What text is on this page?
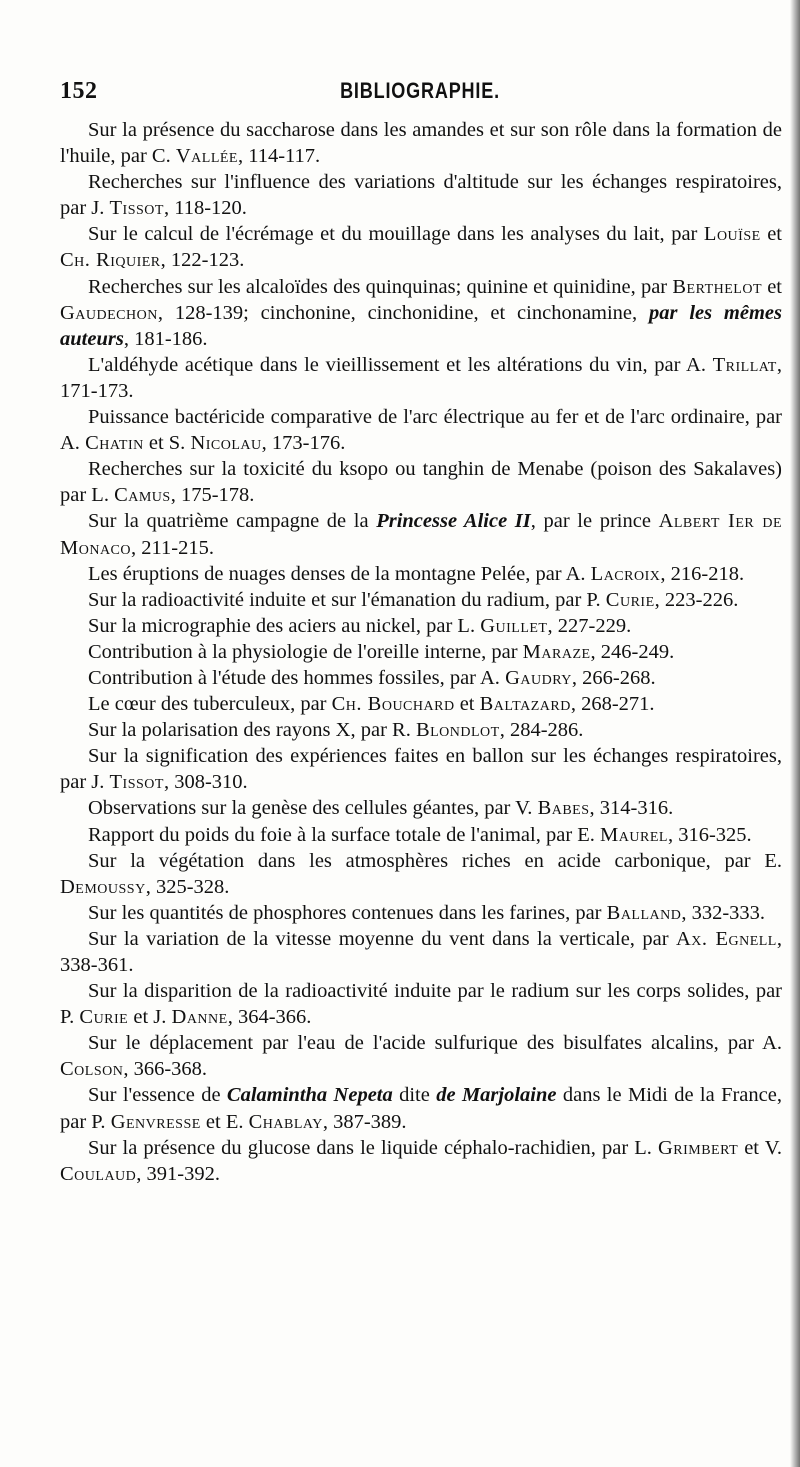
152	BIBLIOGRAPHIE.

Sur la présence du saccharose dans les amandes et sur son rôle dans la formation de l'huile, par C. Vallée, 114-117.

Recherches sur l'influence des variations d'altitude sur les échanges respiratoires, par J. Tissot, 118-120.

Sur le calcul de l'écrémage et du mouillage dans les analyses du lait, par Louïse et Ch. Riquier, 122-123.

Recherches sur les alcaloïdes des quinquinas; quinine et quinidine, par Berthelot et Gaudechon, 128-139; cinchonine, cinchonidine, et cinchonamine, par les mêmes auteurs, 181-186.

L'aldéhyde acétique dans le vieillissement et les altérations du vin, par A. Trillat, 171-173.

Puissance bactéricide comparative de l'arc électrique au fer et de l'arc ordinaire, par A. Chatin et S. Nicolau, 173-176.

Recherches sur la toxicité du ksopo ou tanghin de Menabe (poison des Sakalaves) par L. Camus, 175-178.

Sur la quatrième campagne de la Princesse Alice II, par le prince Albert Ier de Monaco, 211-215.

Les éruptions de nuages denses de la montagne Pelée, par A. Lacroix, 216-218.

Sur la radioactivité induite et sur l'émanation du radium, par P. Curie, 223-226.

Sur la micrographie des aciers au nickel, par L. Guillet, 227-229.

Contribution à la physiologie de l'oreille interne, par Maraze, 246-249.

Contribution à l'étude des hommes fossiles, par A. Gaudry, 266-268.

Le cœur des tuberculeux, par Ch. Bouchard et Baltazard, 268-271.

Sur la polarisation des rayons X, par R. Blondlot, 284-286.

Sur la signification des expériences faites en ballon sur les échanges respiratoires, par J. Tissot, 308-310.

Observations sur la genèse des cellules géantes, par V. Babes, 314-316.

Rapport du poids du foie à la surface totale de l'animal, par E. Maurel, 316-325.

Sur la végétation dans les atmosphères riches en acide carbonique, par E. Demoussy, 325-328.

Sur les quantités de phosphores contenues dans les farines, par Balland, 332-333.

Sur la variation de la vitesse moyenne du vent dans la verticale, par Ax. Egnell, 338-361.

Sur la disparition de la radioactivité induite par le radium sur les corps solides, par P. Curie et J. Danne, 364-366.

Sur le déplacement par l'eau de l'acide sulfurique des bisulfates alcalins, par A. Colson, 366-368.

Sur l'essence de Calamintha Nepeta dite de Marjolaine dans le Midi de la France, par P. Genvresse et E. Chablay, 387-389.

Sur la présence du glucose dans le liquide céphalo-rachidien, par L. Grimbert et V. Coulaud, 391-392.
